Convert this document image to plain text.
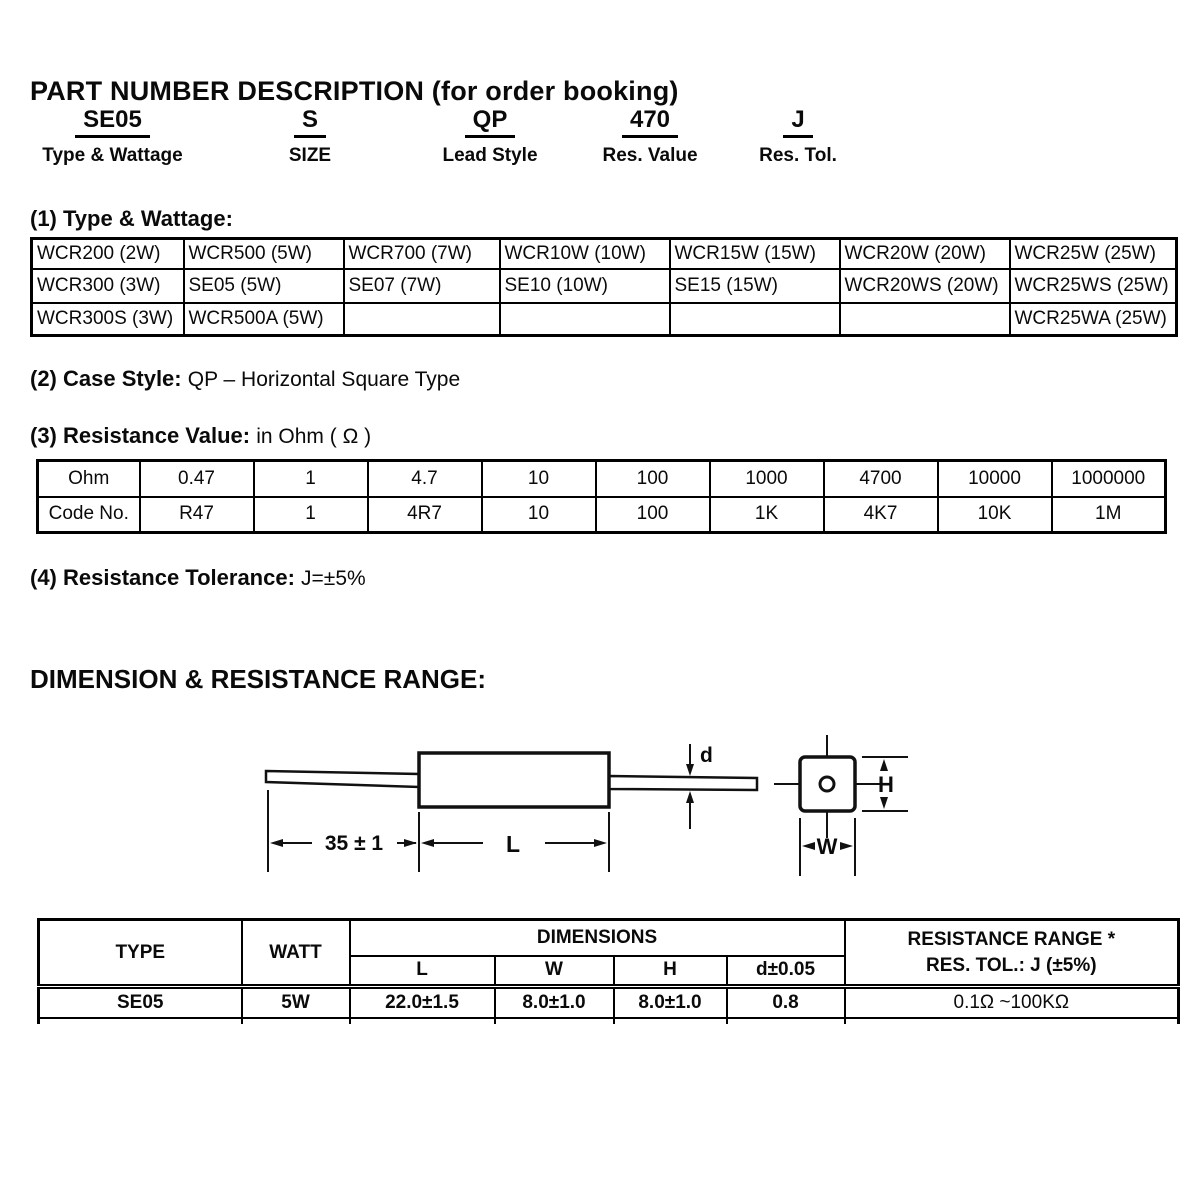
PART NUMBER DESCRIPTION (for order booking)
SE05
Type & Wattage
S
SIZE
QP
Lead Style
470
Res. Value
J
Res. Tol.
(1) Type & Wattage:
WCR200 (2W)	WCR500 (5W)	WCR700 (7W)	WCR10W (10W)	WCR15W (15W)	WCR20W (20W)	WCR25W (25W)
WCR300 (3W)	SE05 (5W)	SE07 (7W)	SE10 (10W)	SE15 (15W)	WCR20WS (20W)	WCR25WS (25W)
WCR300S (3W)	WCR500A (5W)					WCR25WA (25W)
(2) Case Style: QP – Horizontal Square Type
(3) Resistance Value: in Ohm ( Ω )
Ohm	0.47	1	4.7	10	100	1000	4700	10000	1000000
Code No.	R47	1	4R7	10	100	1K	4K7	10K	1M
(4) Resistance Tolerance: J=±5%
DIMENSION & RESISTANCE RANGE:
d
35 ± 1	L
H
W
TYPE	WATT	DIMENSIONS				RESISTANCE RANGE *
RES. TOL.: J (±5%)

		L	W	H	d±0.05	
SE05	5W	22.0±1.5	8.0±1.0	8.0±1.0	0.8	0.1Ω ~100KΩ
